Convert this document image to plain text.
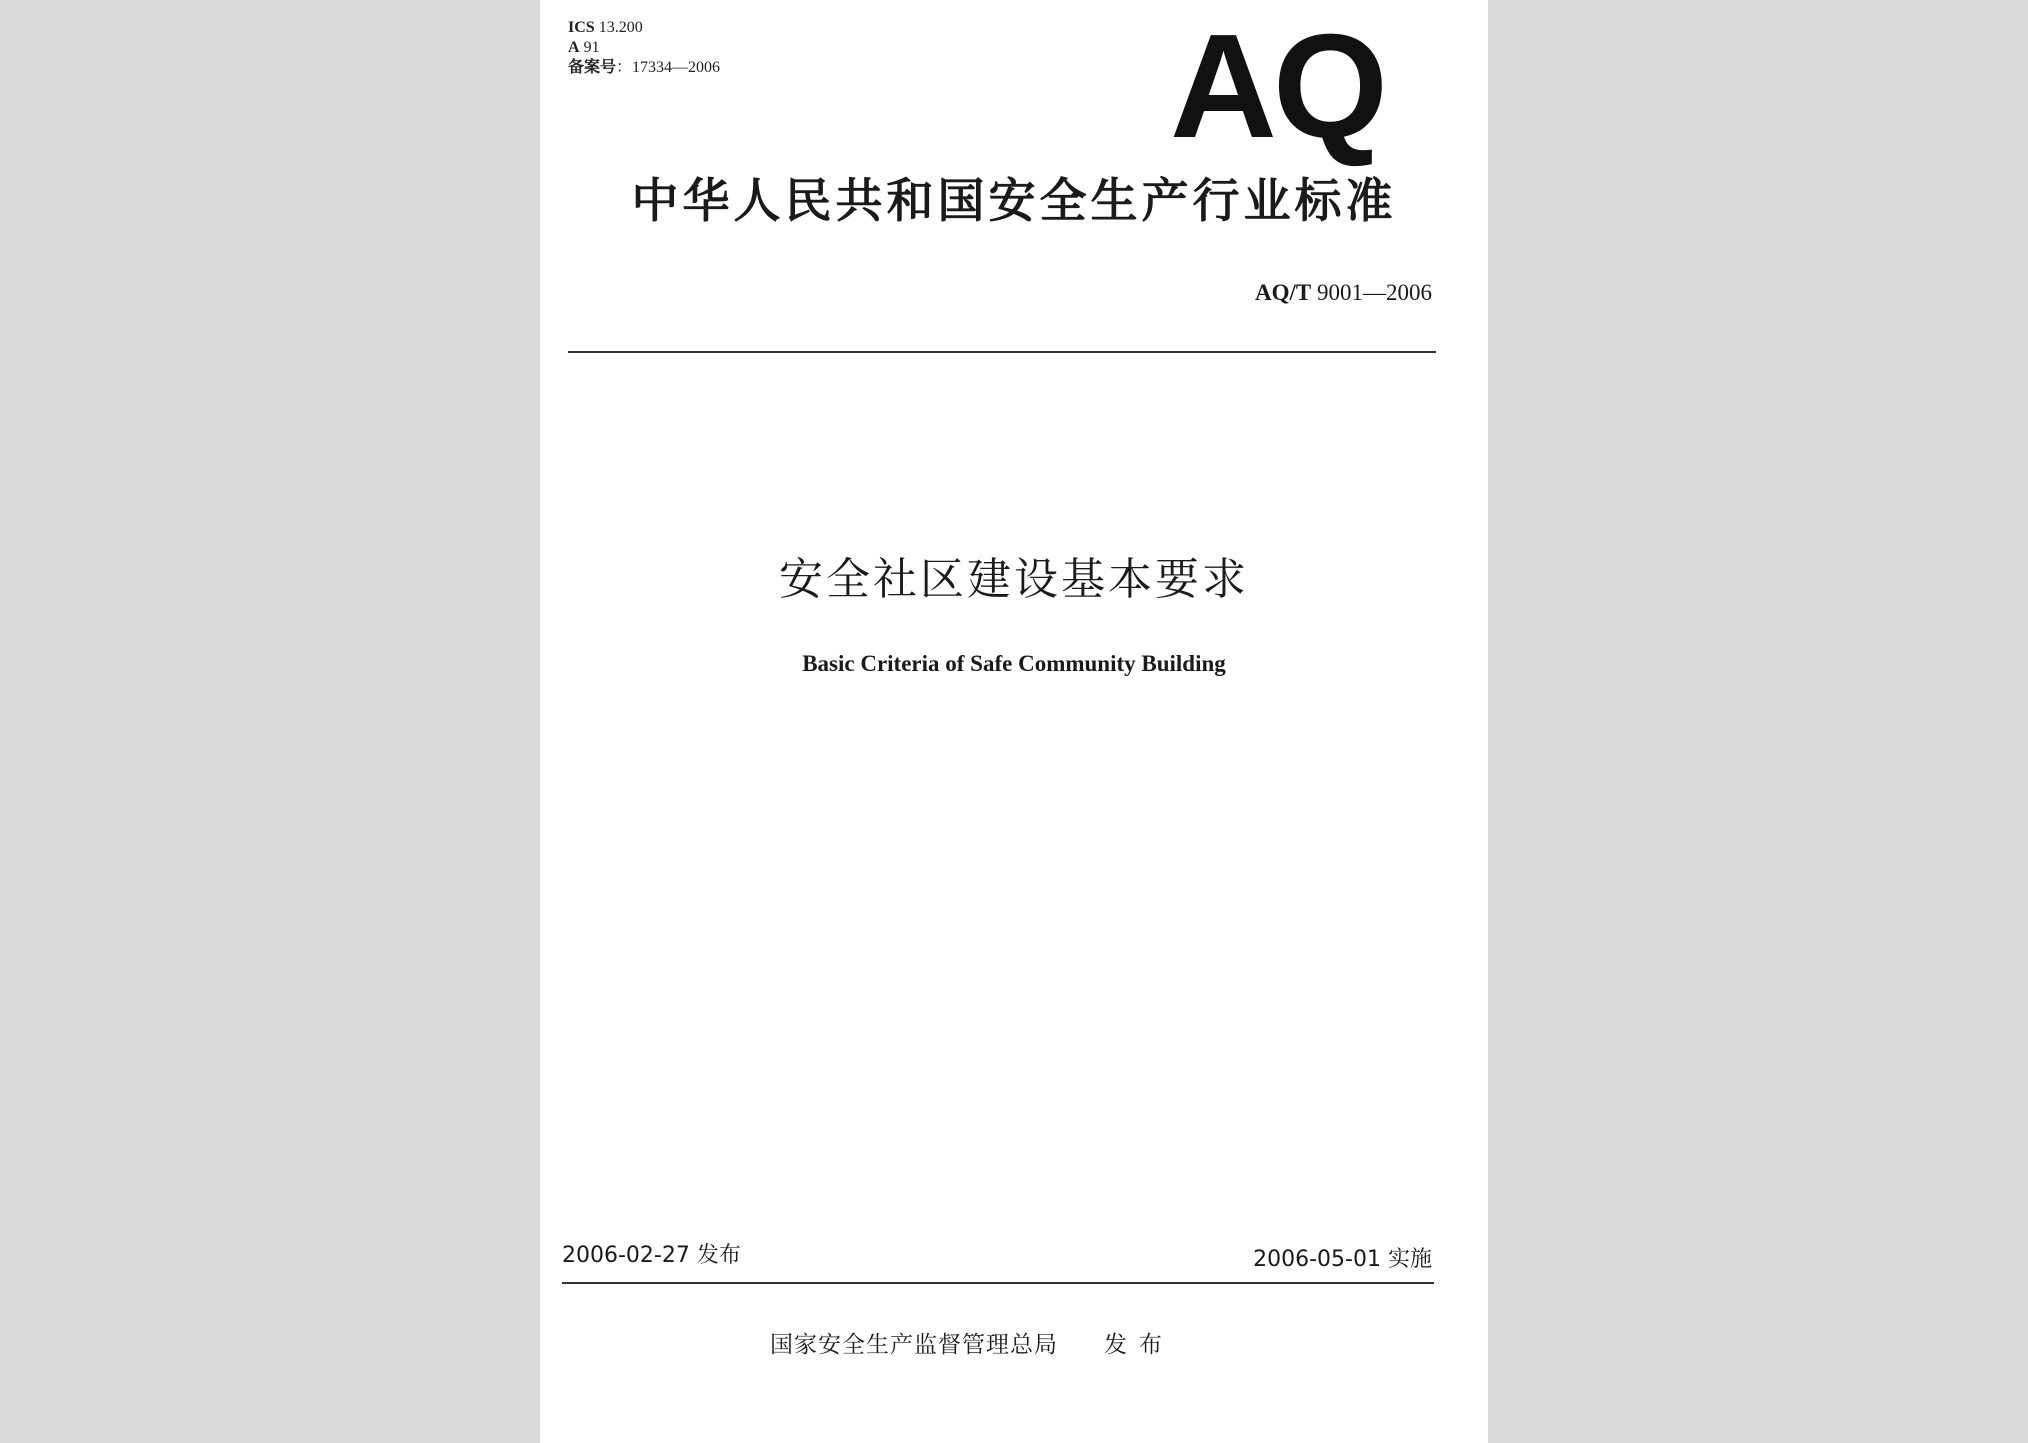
ICS 13.200
A 91
备案号：17334—2006	AQ
中华人民共和国安全生产行业标准
AQ/T 9001—2006
安全社区建设基本要求
Basic Criteria of Safe Community Building
2006-02-27 发布	2006-05-01 实施
国家安全生产监督管理总局 发布
